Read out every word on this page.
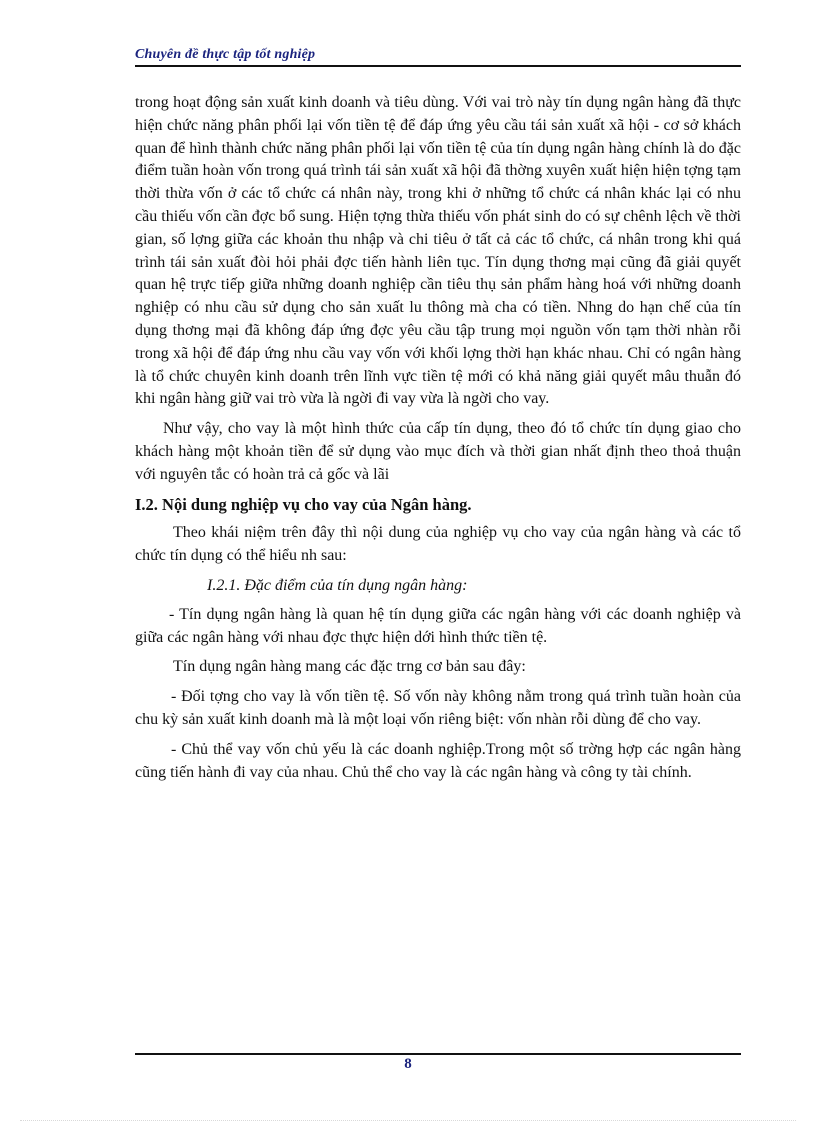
Chuyên đề thực tập tốt nghiệp

trong hoạt động sản xuất kinh doanh và tiêu dùng. Với vai trò này tín dụng ngân hàng đã thực hiện chức năng phân phối lại vốn tiền tệ để đáp ứng yêu cầu tái sản xuất xã hội - cơ sở khách quan để hình thành chức năng phân phối lại vốn tiền tệ của tín dụng ngân hàng chính là do đặc điểm tuần hoàn vốn trong quá trình tái sản xuất xã hội đã thờng xuyên xuất hiện hiện tợng tạm thời thừa vốn ở các tổ chức cá nhân này, trong khi ở những tổ chức cá nhân khác lại có nhu cầu thiếu vốn cần đợc bổ sung. Hiện tợng thừa thiếu vốn phát sinh do có sự chênh lệch về thời gian, số lợng giữa các khoản thu nhập và chi tiêu ở tất cả các tổ chức, cá nhân trong khi quá trình tái sản xuất đòi hỏi phải đợc tiến hành liên tục. Tín dụng thơng mại cũng đã giải quyết quan hệ trực tiếp giữa những doanh nghiệp cần tiêu thụ sản phẩm hàng hoá với những doanh nghiệp có nhu cầu sử dụng cho sản xuất lu thông mà cha có tiền. Nhng do hạn chế của tín dụng thơng mại đã không đáp ứng đợc yêu cầu tập trung mọi nguồn vốn tạm thời nhàn rỗi trong xã hội để đáp ứng nhu cầu vay vốn với khối lợng thời hạn khác nhau. Chỉ có ngân hàng là tổ chức chuyên kinh doanh trên lĩnh vực tiền tệ mới có khả năng giải quyết mâu thuẫn đó khi ngân hàng giữ vai trò vừa là ngời đi vay vừa là ngời cho vay.

Như vậy, cho vay là một hình thức của cấp tín dụng, theo đó tổ chức tín dụng giao cho khách hàng một khoản tiền để sử dụng vào mục đích và thời gian nhất định theo thoả thuận với nguyên tắc có hoàn trả cả gốc và lãi

I.2. Nội dung nghiệp vụ cho vay của Ngân hàng.

Theo khái niệm trên đây thì nội dung của nghiệp vụ cho vay của ngân hàng và các tổ chức tín dụng có thể hiểu nh sau:

I.2.1. Đặc điểm của tín dụng ngân hàng:

- Tín dụng ngân hàng là quan hệ tín dụng giữa các ngân hàng với các doanh nghiệp và giữa các ngân hàng với nhau đợc thực hiện dới hình thức tiền tệ.

Tín dụng ngân hàng mang các đặc trng cơ bản sau đây:

- Đối tợng cho vay là vốn tiền tệ. Số vốn này không nằm trong quá trình tuần hoàn của chu kỳ sản xuất kinh doanh mà là một loại vốn riêng biệt: vốn nhàn rỗi dùng để cho vay.

- Chủ thể vay vốn chủ yếu là các doanh nghiệp.Trong một số trờng hợp các ngân hàng cũng tiến hành đi vay của nhau. Chủ thể cho vay là các ngân hàng và công ty tài chính.

8
